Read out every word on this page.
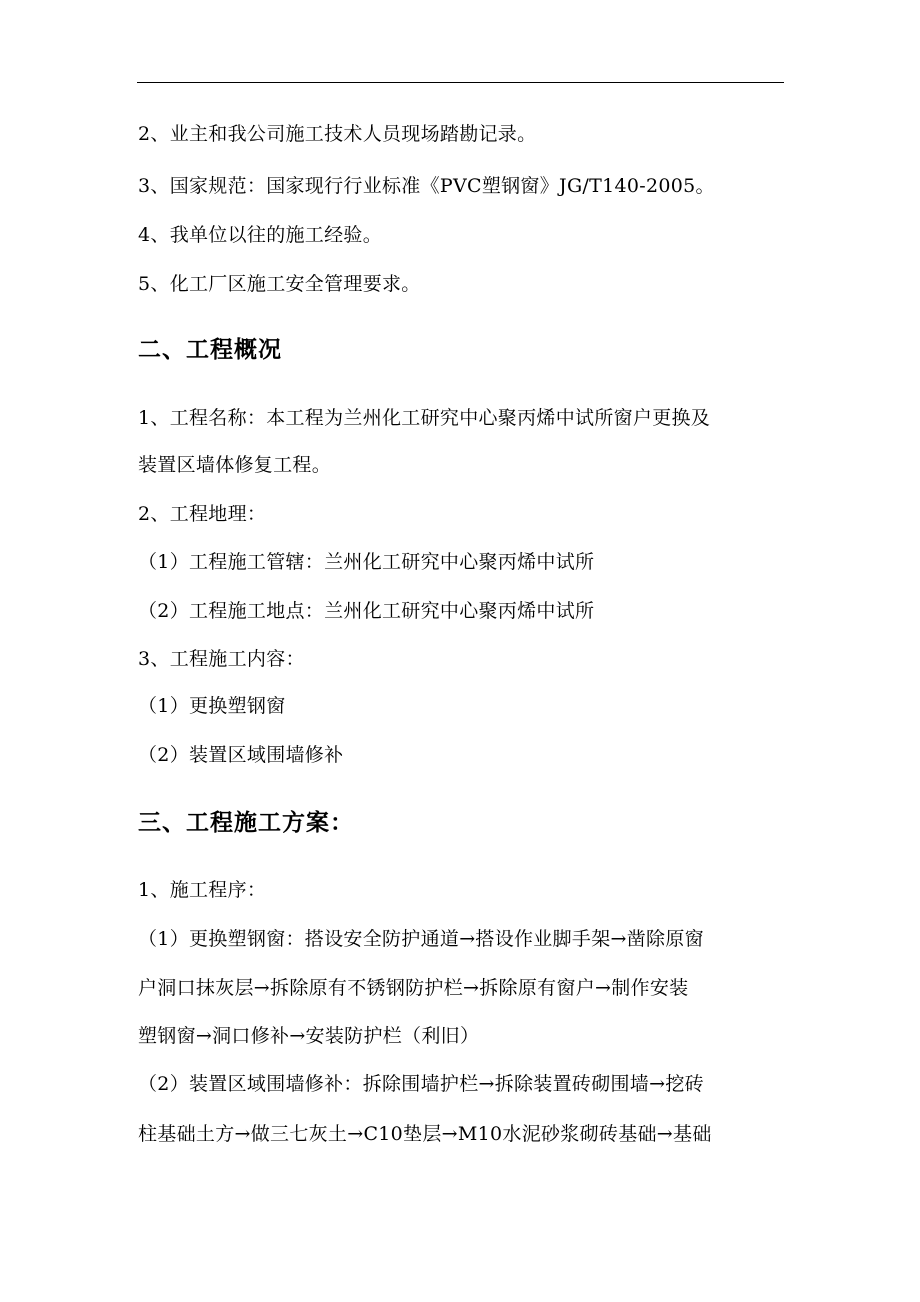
2、业主和我公司施工技术人员现场踏勘记录。
3、国家规范：国家现行行业标准《PVC塑钢窗》JG/T140-2005。
4、我单位以往的施工经验。
5、化工厂区施工安全管理要求。
二、工程概况
1、工程名称：本工程为兰州化工研究中心聚丙烯中试所窗户更换及
装置区墙体修复工程。
2、工程地理：
（1）工程施工管辖：兰州化工研究中心聚丙烯中试所
（2）工程施工地点：兰州化工研究中心聚丙烯中试所
3、工程施工内容：
（1）更换塑钢窗
（2）装置区域围墙修补
三、工程施工方案：
1、施工程序：
（1）更换塑钢窗：搭设安全防护通道→搭设作业脚手架→凿除原窗
户洞口抹灰层→拆除原有不锈钢防护栏→拆除原有窗户→制作安装
塑钢窗→洞口修补→安装防护栏（利旧）
（2）装置区域围墙修补：拆除围墙护栏→拆除装置砖砌围墙→挖砖
柱基础土方→做三七灰土→C10垫层→M10水泥砂浆砌砖基础→基础
